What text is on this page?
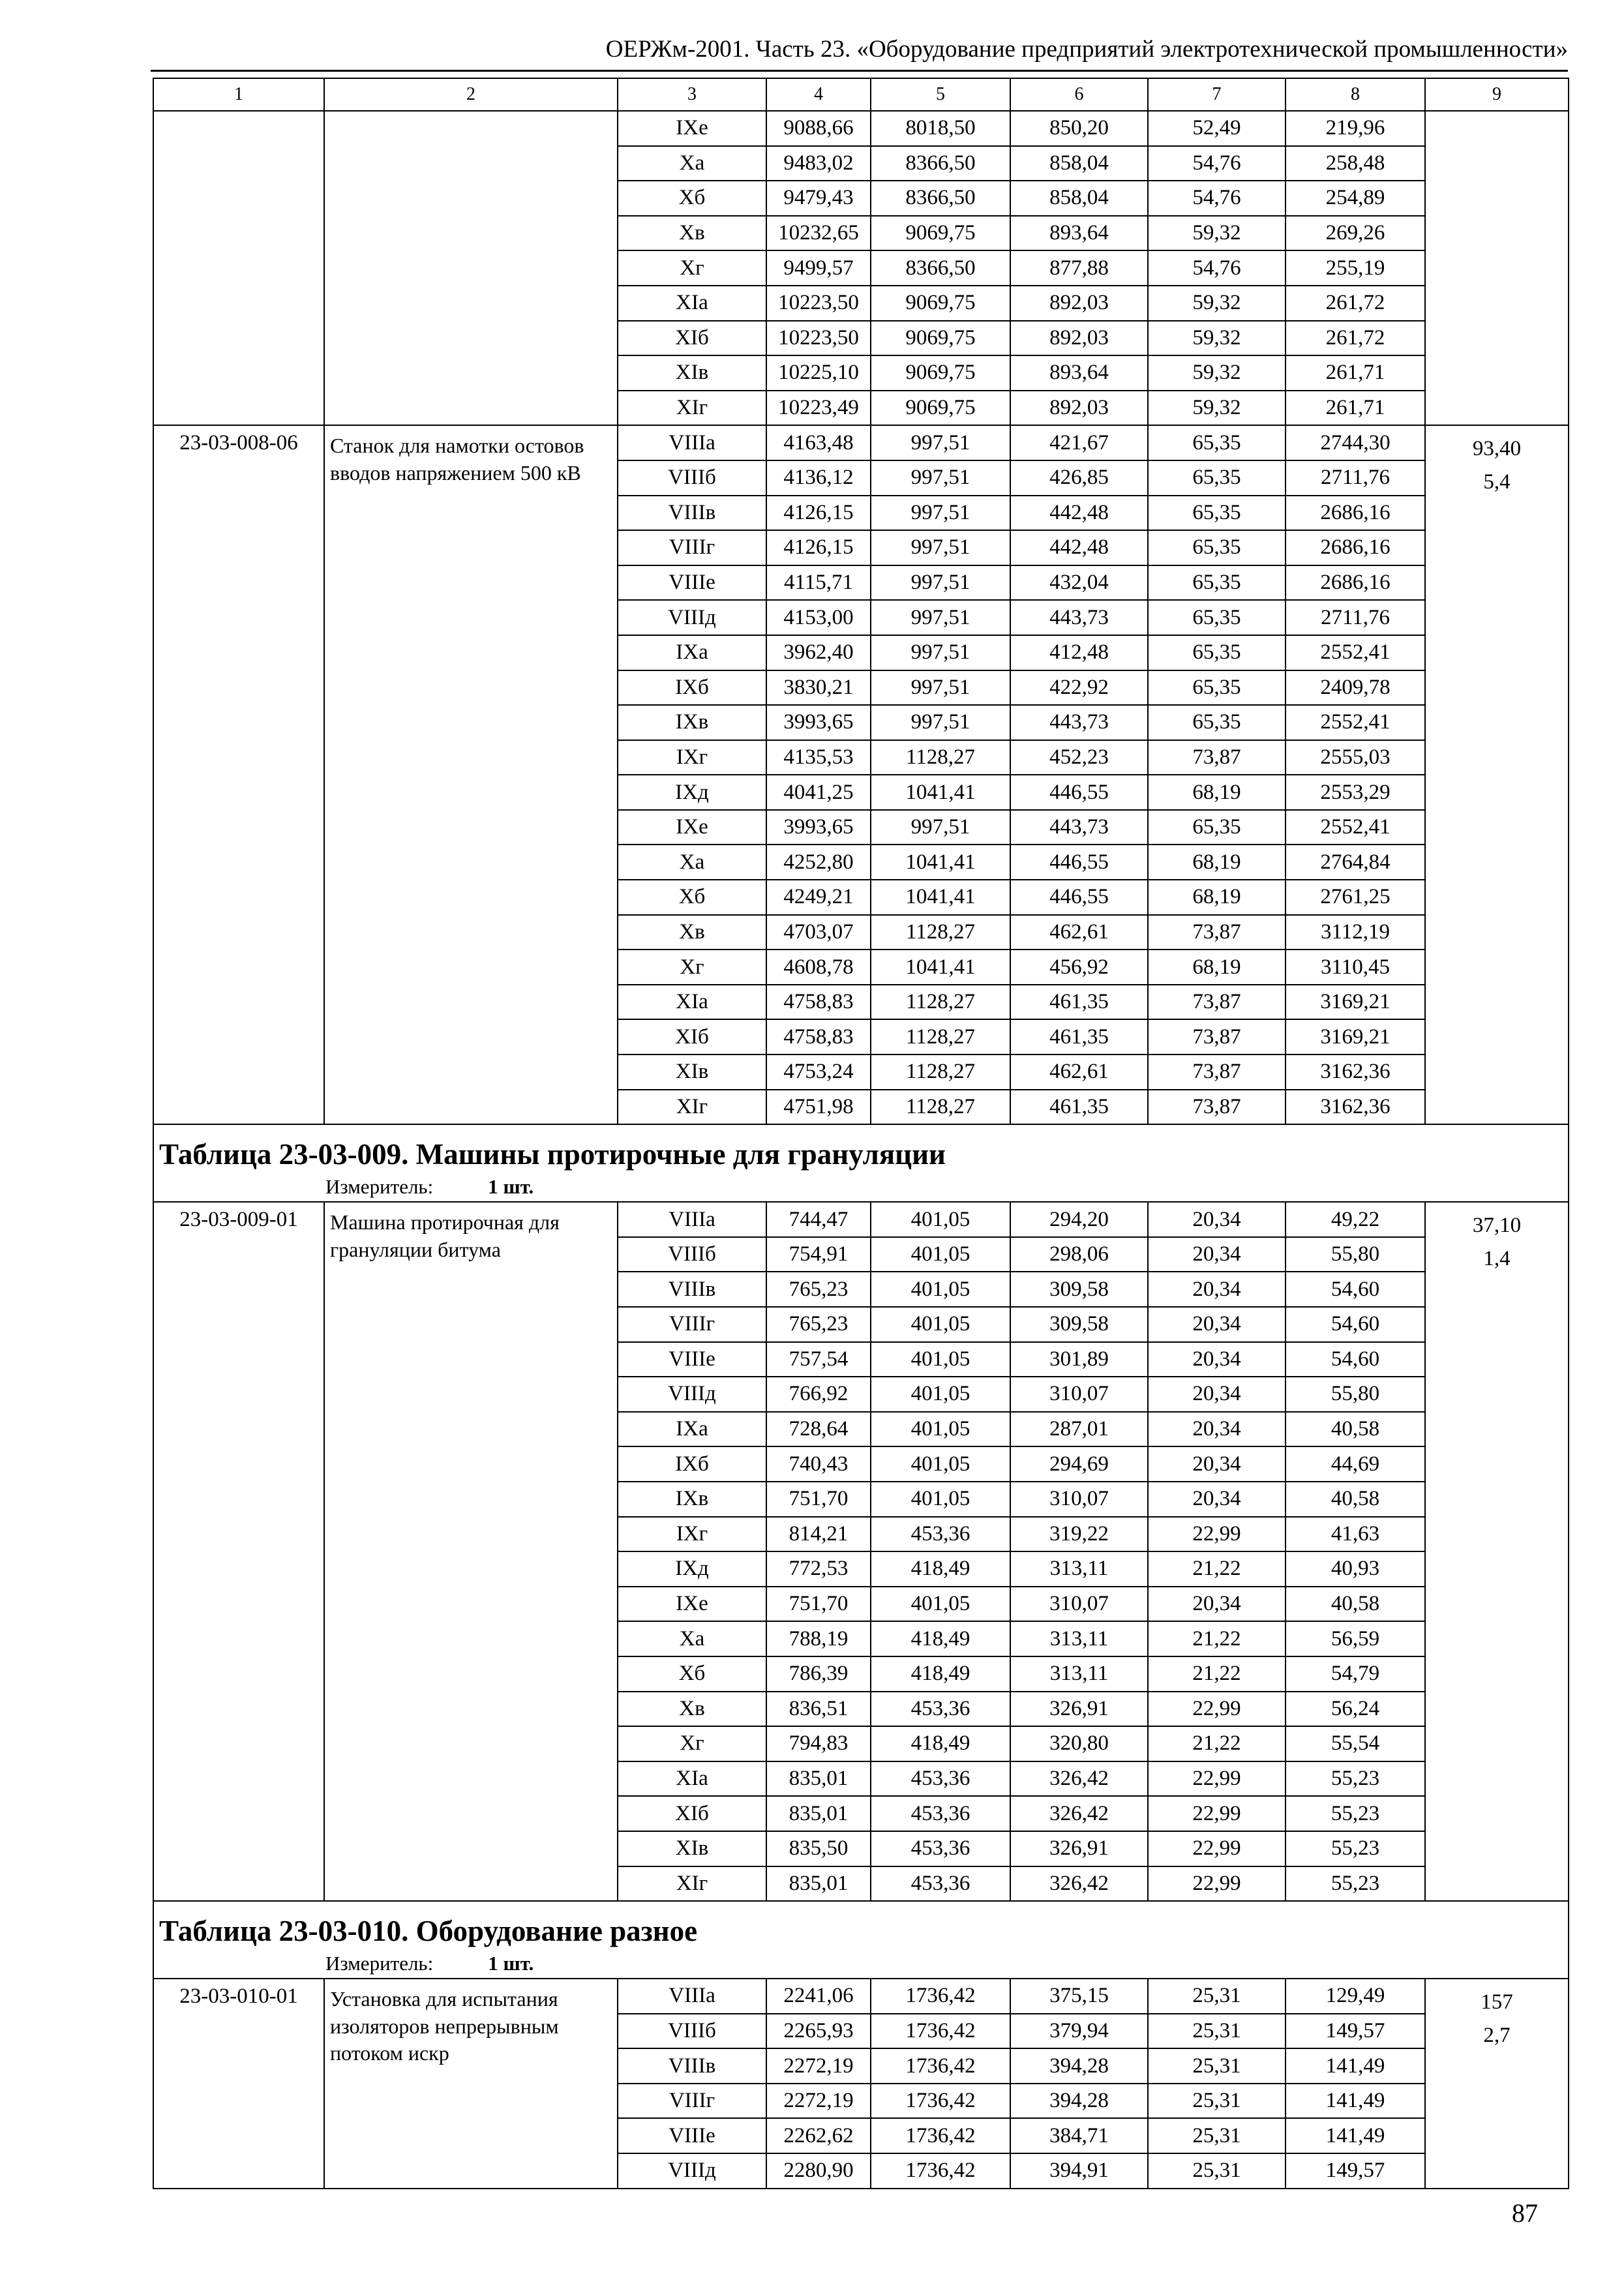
ОЕРЖм-2001. Часть 23. «Оборудование предприятий электротехнической промышленности»
1	2	3	4	5	6	7	8	9
		IXe	9088,66	8018,50	850,20	52,49	219,96	
		Xa	9483,02	8366,50	858,04	54,76	258,48	
		Xб	9479,43	8366,50	858,04	54,76	254,89	
		Xв	10232,65	9069,75	893,64	59,32	269,26	
		Xг	9499,57	8366,50	877,88	54,76	255,19	
		XIa	10223,50	9069,75	892,03	59,32	261,72	
		XIб	10223,50	9069,75	892,03	59,32	261,72	
		XIв	10225,10	9069,75	893,64	59,32	261,71	
		XIг	10223,49	9069,75	892,03	59,32	261,71	
23-03-008-06	Станок для намотки остовов вводов напряжением 500 кВ	VIIIa	4163,48	997,51	421,67	65,35	2744,30	93,40
5,4

		VIIIб	4136,12	997,51	426,85	65,35	2711,76	
		VIIIв	4126,15	997,51	442,48	65,35	2686,16	
		VIIIг	4126,15	997,51	442,48	65,35	2686,16	
		VIIIe	4115,71	997,51	432,04	65,35	2686,16	
		VIIIд	4153,00	997,51	443,73	65,35	2711,76	
		IXa	3962,40	997,51	412,48	65,35	2552,41	
		IXб	3830,21	997,51	422,92	65,35	2409,78	
		IXв	3993,65	997,51	443,73	65,35	2552,41	
		IXг	4135,53	1128,27	452,23	73,87	2555,03	
		IXд	4041,25	1041,41	446,55	68,19	2553,29	
		IXe	3993,65	997,51	443,73	65,35	2552,41	
		Xa	4252,80	1041,41	446,55	68,19	2764,84	
		Xб	4249,21	1041,41	446,55	68,19	2761,25	
		Xв	4703,07	1128,27	462,61	73,87	3112,19	
		Xг	4608,78	1041,41	456,92	68,19	3110,45	
		XIa	4758,83	1128,27	461,35	73,87	3169,21	
		XIб	4758,83	1128,27	461,35	73,87	3169,21	
		XIв	4753,24	1128,27	462,61	73,87	3162,36	
		XIг	4751,98	1128,27	461,35	73,87	3162,36	
Таблица 23-03-009. Машины протирочные для грануляции								
Измеритель: 1 шт.								
23-03-009-01	Машина протирочная для грануляции битума	VIIIa	744,47	401,05	294,20	20,34	49,22	37,10
1,4

		VIIIб	754,91	401,05	298,06	20,34	55,80	
		VIIIв	765,23	401,05	309,58	20,34	54,60	
		VIIIг	765,23	401,05	309,58	20,34	54,60	
		VIIIe	757,54	401,05	301,89	20,34	54,60	
		VIIIд	766,92	401,05	310,07	20,34	55,80	
		IXa	728,64	401,05	287,01	20,34	40,58	
		IXб	740,43	401,05	294,69	20,34	44,69	
		IXв	751,70	401,05	310,07	20,34	40,58	
		IXг	814,21	453,36	319,22	22,99	41,63	
		IXд	772,53	418,49	313,11	21,22	40,93	
		IXe	751,70	401,05	310,07	20,34	40,58	
		Xa	788,19	418,49	313,11	21,22	56,59	
		Xб	786,39	418,49	313,11	21,22	54,79	
		Xв	836,51	453,36	326,91	22,99	56,24	
		Xг	794,83	418,49	320,80	21,22	55,54	
		XIa	835,01	453,36	326,42	22,99	55,23	
		XIб	835,01	453,36	326,42	22,99	55,23	
		XIв	835,50	453,36	326,91	22,99	55,23	
		XIг	835,01	453,36	326,42	22,99	55,23	
Таблица 23-03-010. Оборудование разное								
Измеритель: 1 шт.								
23-03-010-01	Установка для испытания изоляторов непрерывным потоком искр	VIIIa	2241,06	1736,42	375,15	25,31	129,49	157
2,7

		VIIIб	2265,93	1736,42	379,94	25,31	149,57	
		VIIIв	2272,19	1736,42	394,28	25,31	141,49	
		VIIIг	2272,19	1736,42	394,28	25,31	141,49	
		VIIIe	2262,62	1736,42	384,71	25,31	141,49	
		VIIIд	2280,90	1736,42	394,91	25,31	149,57	
87
